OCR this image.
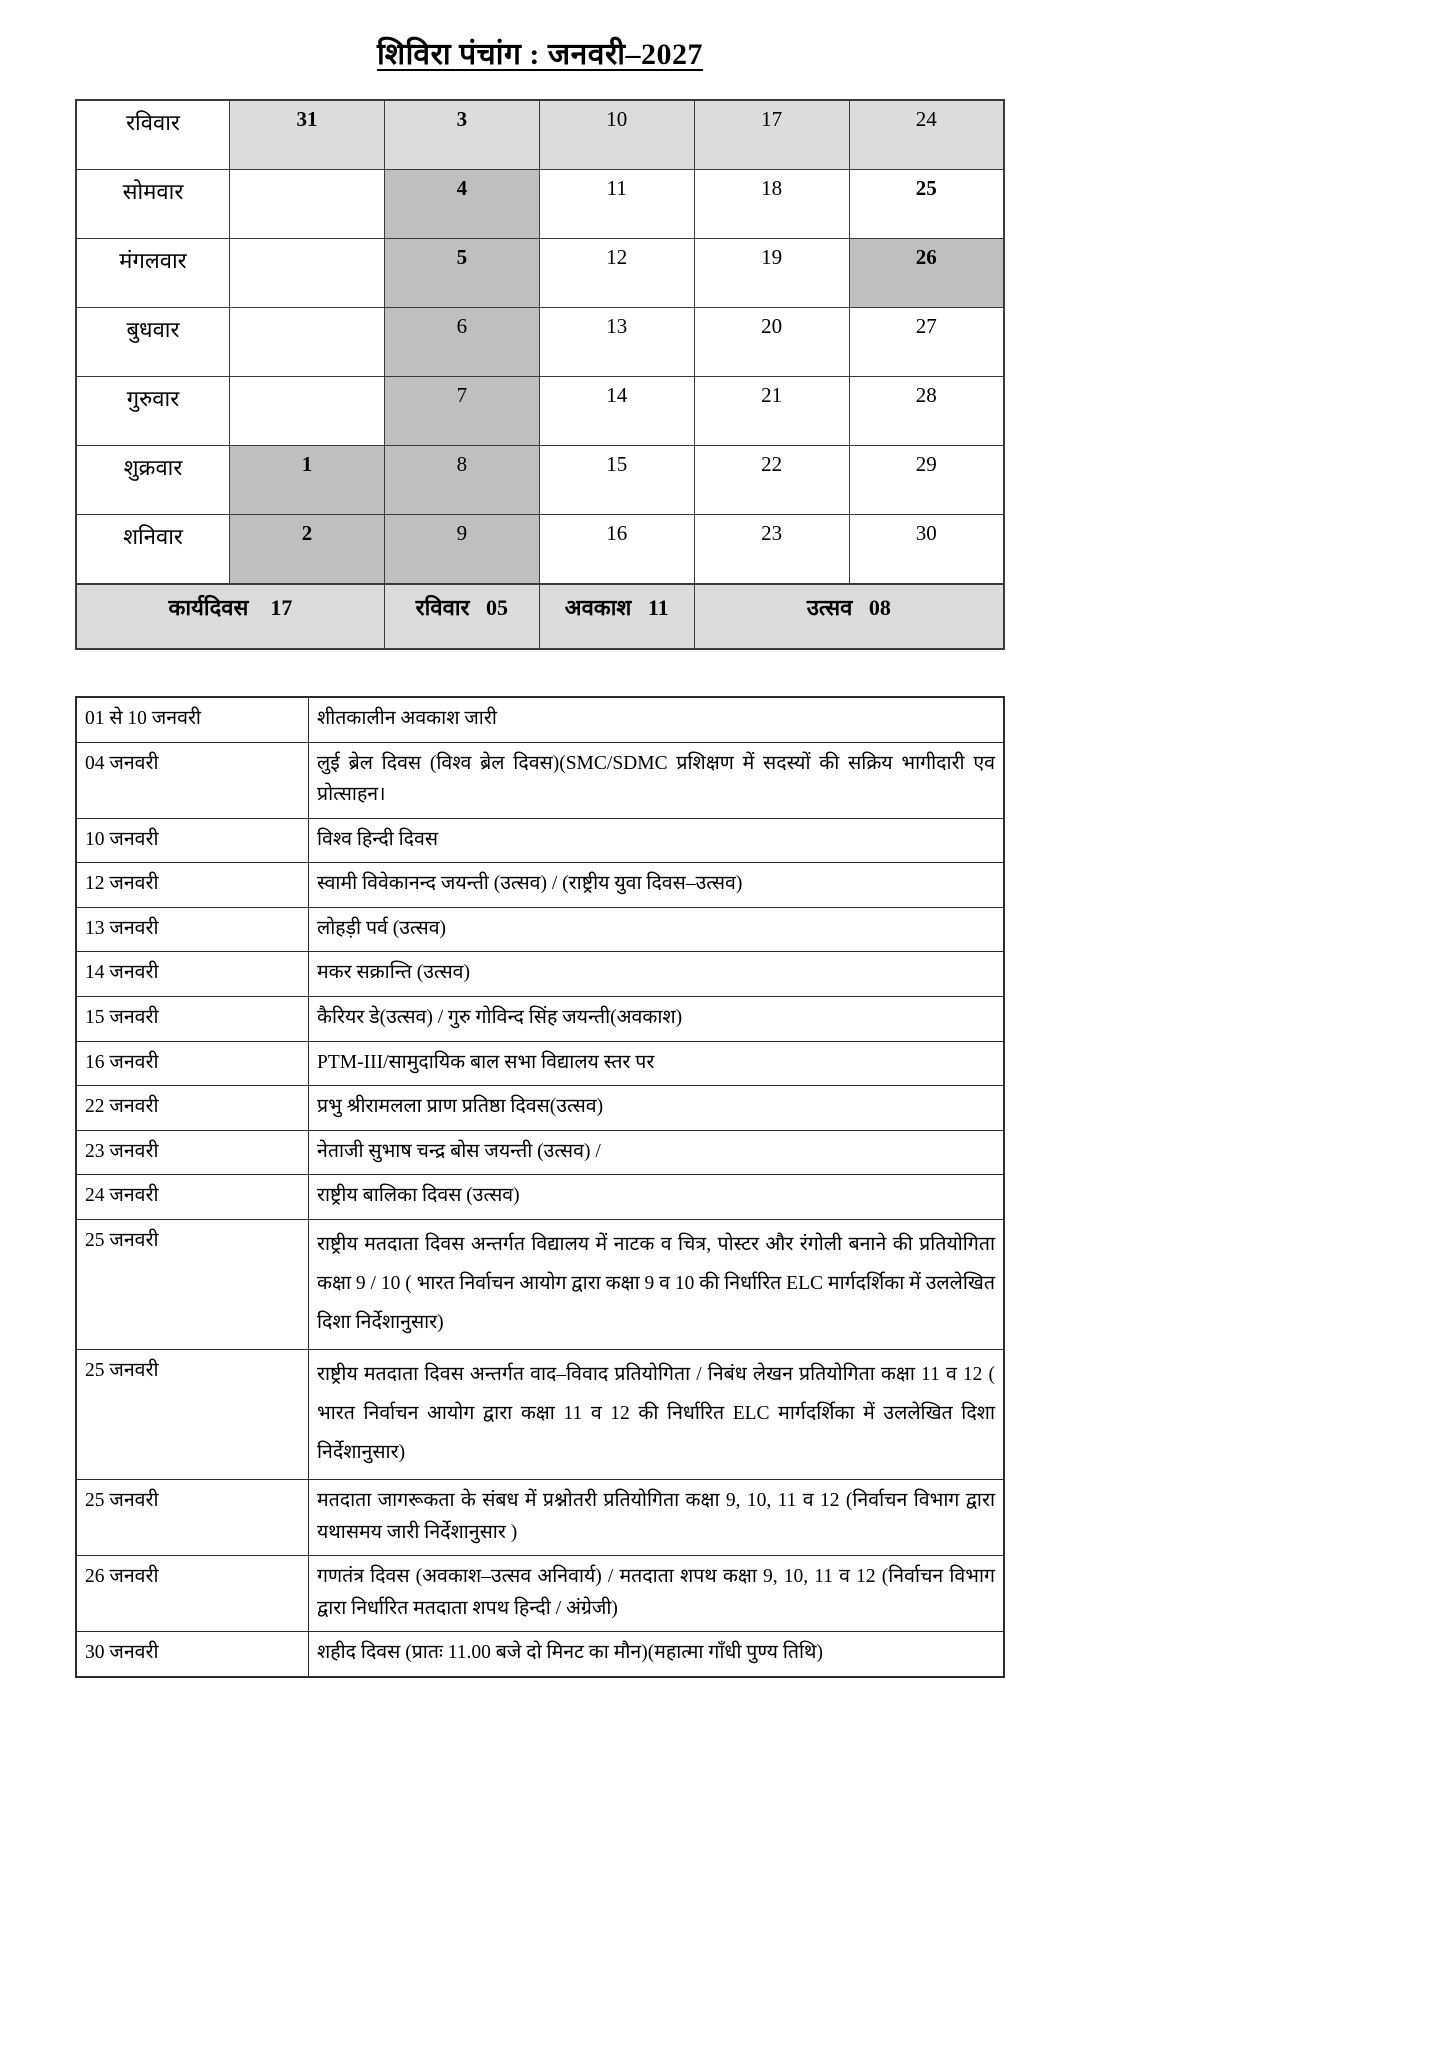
शिविरा पंचांग : जनवरी–2027
रविवार	31	3	10	17	24
सोमवार		4	11	18	25
मंगलवार		5	12	19	26
बुधवार		6	13	20	27
गुरुवार		7	14	21	28
शुक्रवार	1	8	15	22	29
शनिवार	2	9	16	23	30
कार्यदिवस 17		रविवार 05	अवकाश 11	उत्सव 08	
01 से 10 जनवरी	शीतकालीन अवकाश जारी
04 जनवरी	लुई ब्रेल दिवस (विश्व ब्रेल दिवस)(SMC/SDMC प्रशिक्षण में सदस्यों की सक्रिय भागीदारी एव प्रोत्साहन।
10 जनवरी	विश्व हिन्दी दिवस
12 जनवरी	स्वामी विवेकानन्द जयन्ती (उत्सव) / (राष्ट्रीय युवा दिवस–उत्सव)
13 जनवरी	लोहड़ी पर्व (उत्सव)
14 जनवरी	मकर सक्रान्ति (उत्सव)
15 जनवरी	कैरियर डे(उत्सव) / गुरु गोविन्द सिंह जयन्ती(अवकाश)
16 जनवरी	PTM-III/सामुदायिक बाल सभा विद्यालय स्तर पर
22 जनवरी	प्रभु श्रीरामलला प्राण प्रतिष्ठा दिवस(उत्सव)
23 जनवरी	नेताजी सुभाष चन्द्र बोस जयन्ती (उत्सव) /
24 जनवरी	राष्ट्रीय बालिका दिवस (उत्सव)
25 जनवरी	राष्ट्रीय मतदाता दिवस अन्तर्गत विद्यालय में नाटक व चित्र, पोस्टर और रंगोली बनाने की प्रतियोगिता कक्षा 9 / 10 ( भारत निर्वाचन आयोग द्वारा कक्षा 9 व 10 की निर्धारित ELC मार्गदर्शिका में उललेखित दिशा निर्देशानुसार)
25 जनवरी	राष्ट्रीय मतदाता दिवस अन्तर्गत वाद–विवाद प्रतियोगिता / निबंध लेखन प्रतियोगिता कक्षा 11 व 12 ( भारत निर्वाचन आयोग द्वारा कक्षा 11 व 12 की निर्धारित ELC मार्गदर्शिका में उललेखित दिशा निर्देशानुसार)
25 जनवरी	मतदाता जागरूकता के संबध में प्रश्नोतरी प्रतियोगिता कक्षा 9, 10, 11 व 12 (निर्वाचन विभाग द्वारा यथासमय जारी निर्देशानुसार )
26 जनवरी	गणतंत्र दिवस (अवकाश–उत्सव अनिवार्य) / मतदाता शपथ कक्षा 9, 10, 11 व 12 (निर्वाचन विभाग द्वारा निर्धारित मतदाता शपथ हिन्दी / अंग्रेजी)
30 जनवरी	शहीद दिवस (प्रातः 11.00 बजे दो मिनट का मौन)(महात्मा गाँधी पुण्य तिथि)
